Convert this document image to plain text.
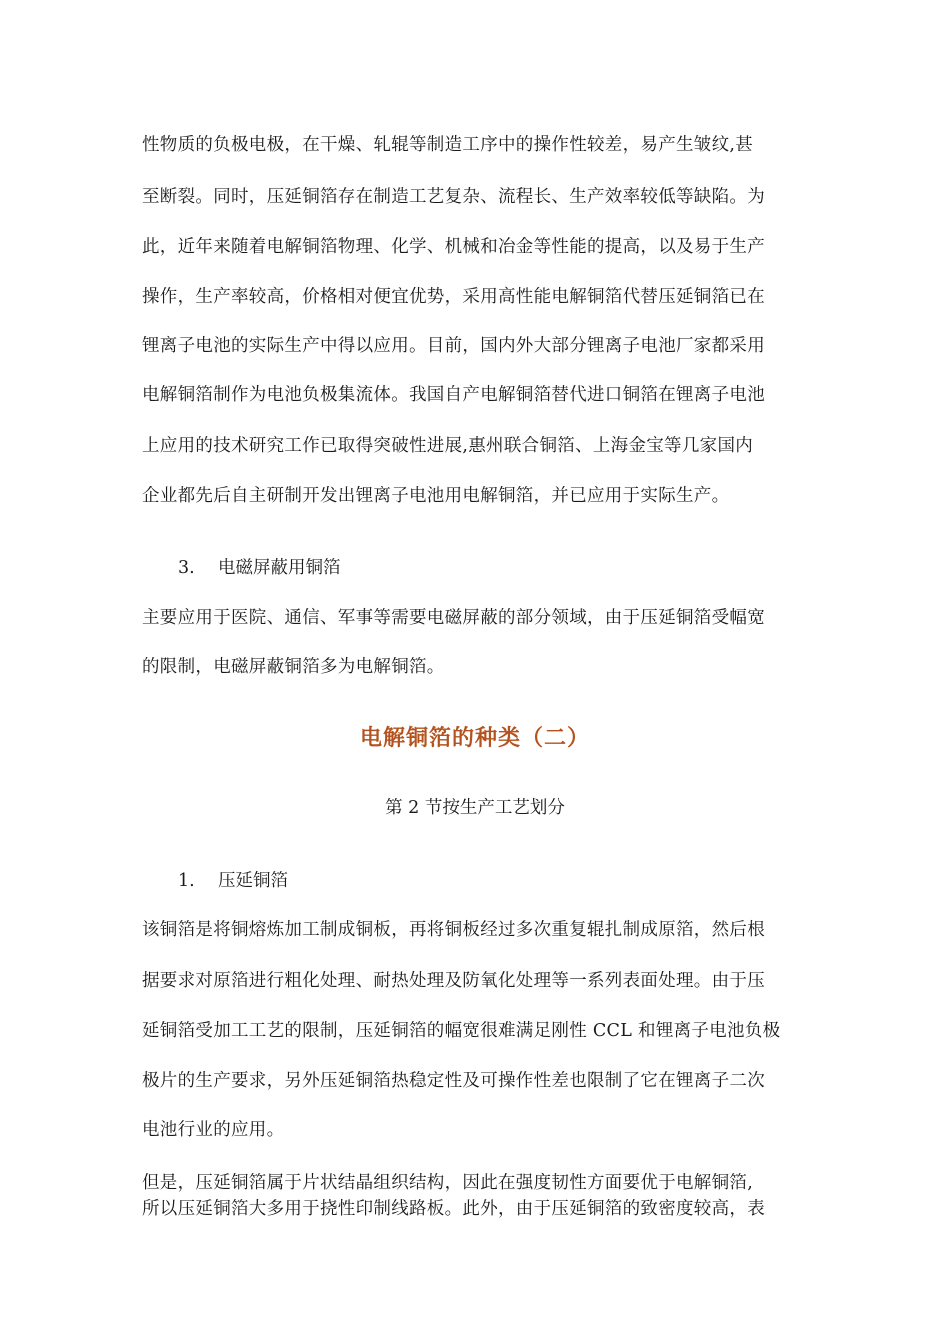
性物质的负极电极，在干燥、轧辊等制造工序中的操作性较差，易产生皱纹,甚
至断裂。同时，压延铜箔存在制造工艺复杂、流程长、生产效率较低等缺陷。为
此，近年来随着电解铜箔物理、化学、机械和冶金等性能的提高，以及易于生产
操作，生产率较高，价格相对便宜优势，采用高性能电解铜箔代替压延铜箔已在
锂离子电池的实际生产中得以应用。目前，国内外大部分锂离子电池厂家都采用
电解铜箔制作为电池负极集流体。我国自产电解铜箔替代进口铜箔在锂离子电池
上应用的技术研究工作已取得突破性进展,惠州联合铜箔、上海金宝等几家国内
企业都先后自主研制开发出锂离子电池用电解铜箔，并已应用于实际生产。
3. 电磁屏蔽用铜箔
主要应用于医院、通信、军事等需要电磁屏蔽的部分领域，由于压延铜箔受幅宽
的限制，电磁屏蔽铜箔多为电解铜箔。
电解铜箔的种类（二）
第 2 节按生产工艺划分
1. 压延铜箔
该铜箔是将铜熔炼加工制成铜板，再将铜板经过多次重复辊扎制成原箔，然后根
据要求对原箔进行粗化处理、耐热处理及防氧化处理等一系列表面处理。由于压
延铜箔受加工工艺的限制，压延铜箔的幅宽很难满足刚性 CCL 和锂离子电池负极
极片的生产要求，另外压延铜箔热稳定性及可操作性差也限制了它在锂离子二次
电池行业的应用。
但是，压延铜箔属于片状结晶组织结构，因此在强度韧性方面要优于电解铜箔,
所以压延铜箔大多用于挠性印制线路板。此外，由于压延铜箔的致密度较高，表
